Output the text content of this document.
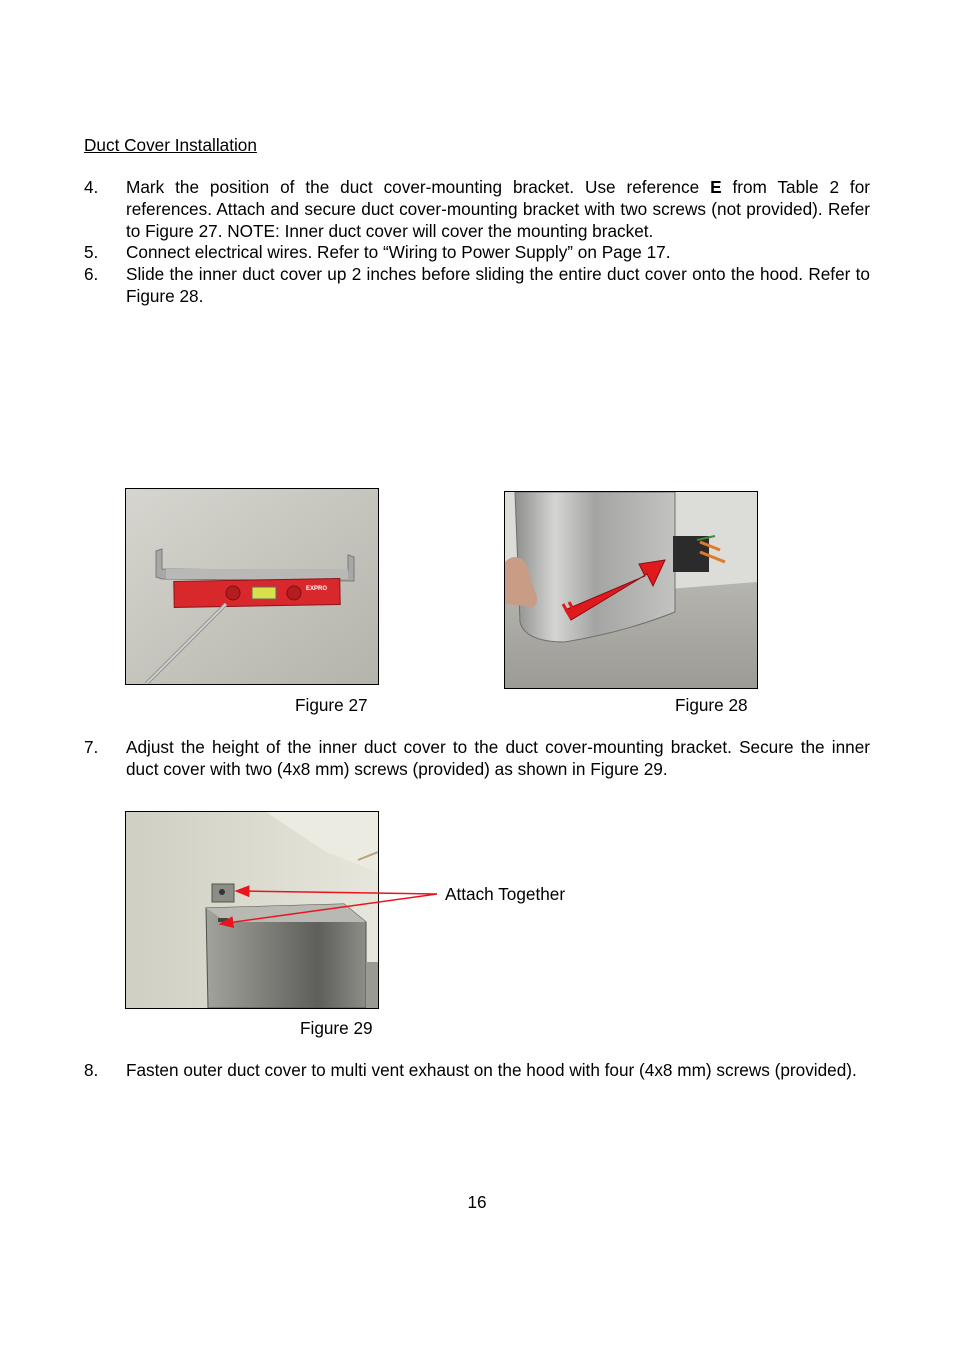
Duct Cover Installation
4. Mark the position of the duct cover-mounting bracket. Use reference E from Table 2 for references. Attach and secure duct cover-mounting bracket with two screws (not provided). Refer to Figure 27. NOTE: Inner duct cover will cover the mounting bracket.
5. Connect electrical wires. Refer to “Wiring to Power Supply” on Page 17.
6. Slide the inner duct cover up 2 inches before sliding the entire duct cover onto the hood. Refer to Figure 28.
EXPRO
Figure 27	Figure 28
7. Adjust the height of the inner duct cover to the duct cover-mounting bracket. Secure the inner duct cover with two (4x8 mm) screws (provided) as shown in Figure 29.
Attach Together
Figure 29
8. Fasten outer duct cover to multi vent exhaust on the hood with four (4x8 mm) screws (provided).
16
